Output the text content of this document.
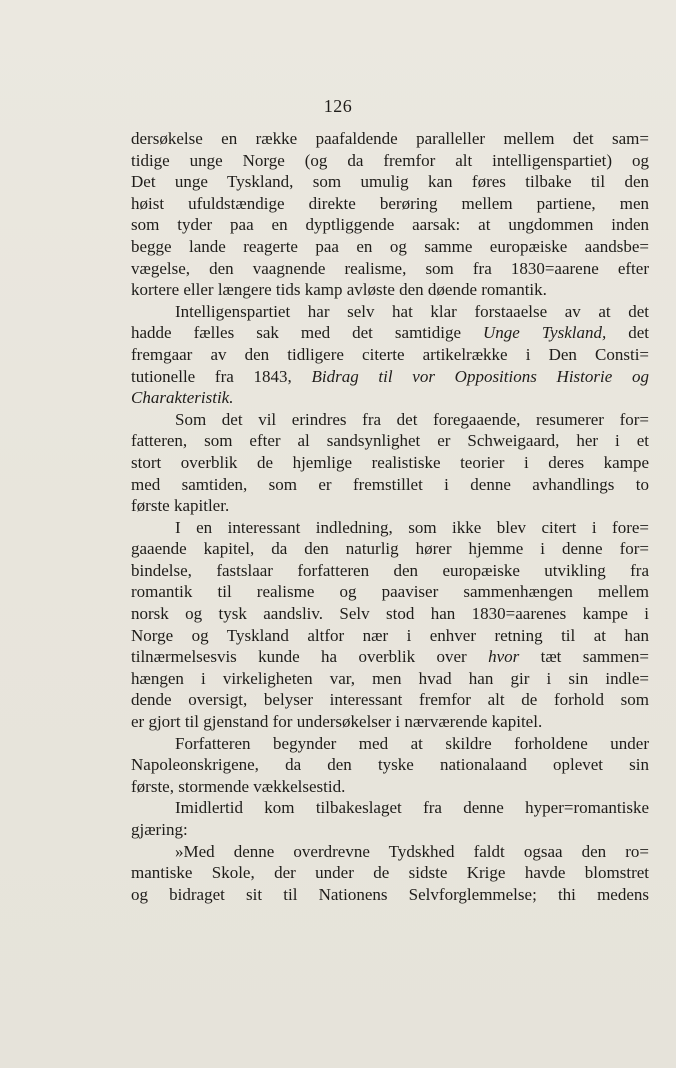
126
dersøkelse en række paafaldende paralleller mellem det sam=
tidige unge Norge (og da fremfor alt intelligenspartiet) og
Det unge Tyskland, som umulig kan føres tilbake til den
høist ufuldstændige direkte berøring mellem partiene, men
som tyder paa en dyptliggende aarsak: at ungdommen inden
begge lande reagerte paa en og samme europæiske aandsbe=
vægelse, den vaagnende realisme, som fra 1830=aarene efter
kortere eller længere tids kamp avløste den døende romantik.
Intelligenspartiet har selv hat klar forstaaelse av at det
hadde fælles sak med det samtidige Unge Tyskland, det
fremgaar av den tidligere citerte artikelrække i Den Consti=
tutionelle fra 1843, Bidrag til vor Oppositions Historie og
Charakteristik.
Som det vil erindres fra det foregaaende, resumerer for=
fatteren, som efter al sandsynlighet er Schweigaard, her i et
stort overblik de hjemlige realistiske teorier i deres kampe
med samtiden, som er fremstillet i denne avhandlings to
første kapitler.
I en interessant indledning, som ikke blev citert i fore=
gaaende kapitel, da den naturlig hører hjemme i denne for=
bindelse, fastslaar forfatteren den europæiske utvikling fra
romantik til realisme og paaviser sammenhængen mellem
norsk og tysk aandsliv. Selv stod han 1830=aarenes kampe i
Norge og Tyskland altfor nær i enhver retning til at han
tilnærmelsesvis kunde ha overblik over hvor tæt sammen=
hængen i virkeligheten var, men hvad han gir i sin indle=
dende oversigt, belyser interessant fremfor alt de forhold som
er gjort til gjenstand for undersøkelser i nærværende kapitel.
Forfatteren begynder med at skildre forholdene under
Napoleonskrigene, da den tyske nationalaand oplevet sin
første, stormende vækkelsestid.
Imidlertid kom tilbakeslaget fra denne hyper=romantiske
gjæring:
»Med denne overdrevne Tydskhed faldt ogsaa den ro=
mantiske Skole, der under de sidste Krige havde blomstret
og bidraget sit til Nationens Selvforglemmelse; thi medens
